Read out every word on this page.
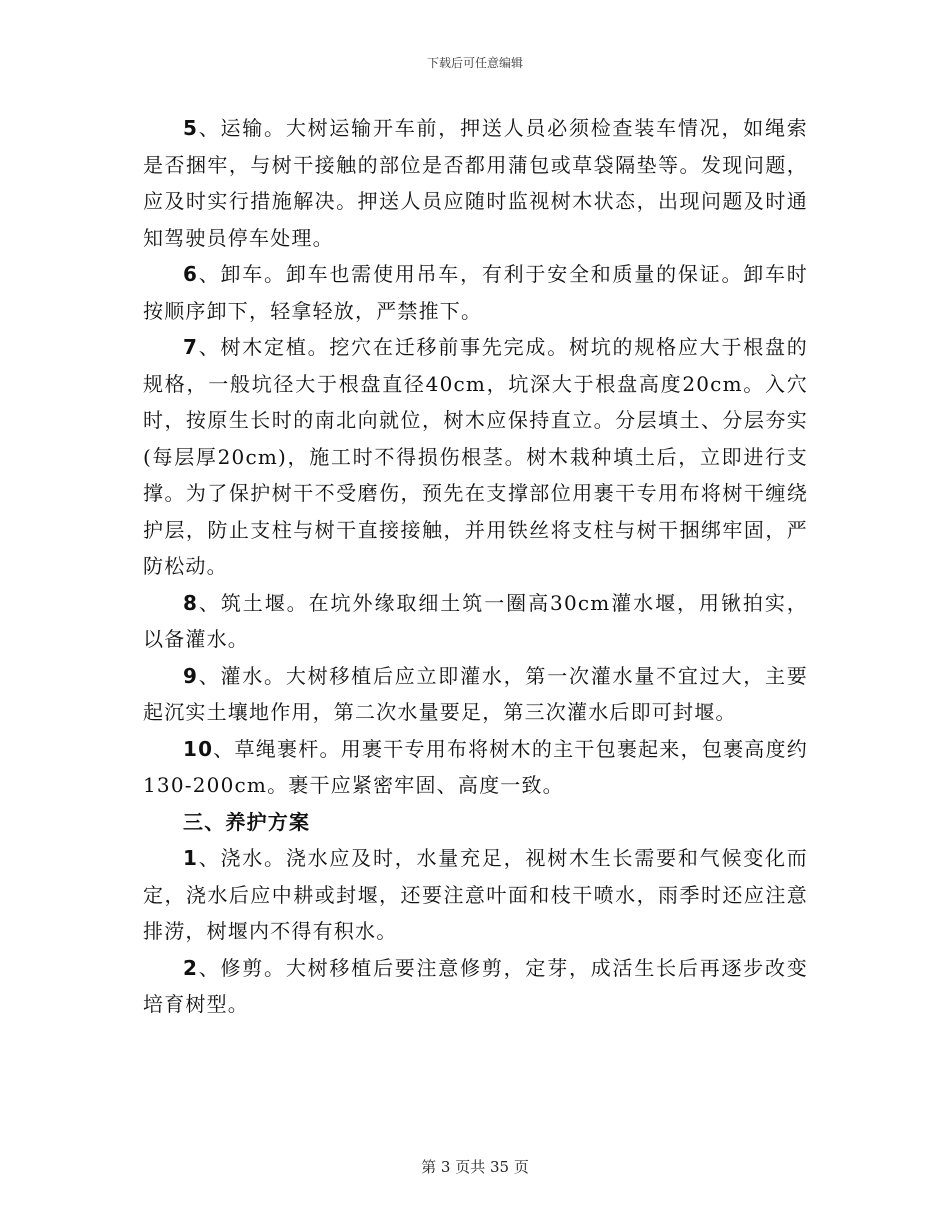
下载后可任意编辑

5、运输。大树运输开车前，押送人员必须检查装车情况，如绳索是否捆牢，与树干接触的部位是否都用蒲包或草袋隔垫等。发现问题，应及时实行措施解决。押送人员应随时监视树木状态，出现问题及时通知驾驶员停车处理。

6、卸车。卸车也需使用吊车，有利于安全和质量的保证。卸车时按顺序卸下，轻拿轻放，严禁推下。

7、树木定植。挖穴在迁移前事先完成。树坑的规格应大于根盘的规格，一般坑径大于根盘直径40cm，坑深大于根盘高度20cm。入穴时，按原生长时的南北向就位，树木应保持直立。分层填土、分层夯实(每层厚20cm)，施工时不得损伤根茎。树木栽种填土后，立即进行支撑。为了保护树干不受磨伤，预先在支撑部位用裹干专用布将树干缠绕护层，防止支柱与树干直接接触，并用铁丝将支柱与树干捆绑牢固，严防松动。

8、筑土堰。在坑外缘取细土筑一圈高30cm灌水堰，用锹拍实，以备灌水。

9、灌水。大树移植后应立即灌水，第一次灌水量不宜过大，主要起沉实土壤地作用，第二次水量要足，第三次灌水后即可封堰。

10、草绳裹杆。用裹干专用布将树木的主干包裹起来，包裹高度约130-200cm。裹干应紧密牢固、高度一致。

三、养护方案

1、浇水。浇水应及时，水量充足，视树木生长需要和气候变化而定，浇水后应中耕或封堰，还要注意叶面和枝干喷水，雨季时还应注意排涝，树堰内不得有积水。

2、修剪。大树移植后要注意修剪，定芽，成活生长后再逐步改变培育树型。

第 3 页共 35 页
